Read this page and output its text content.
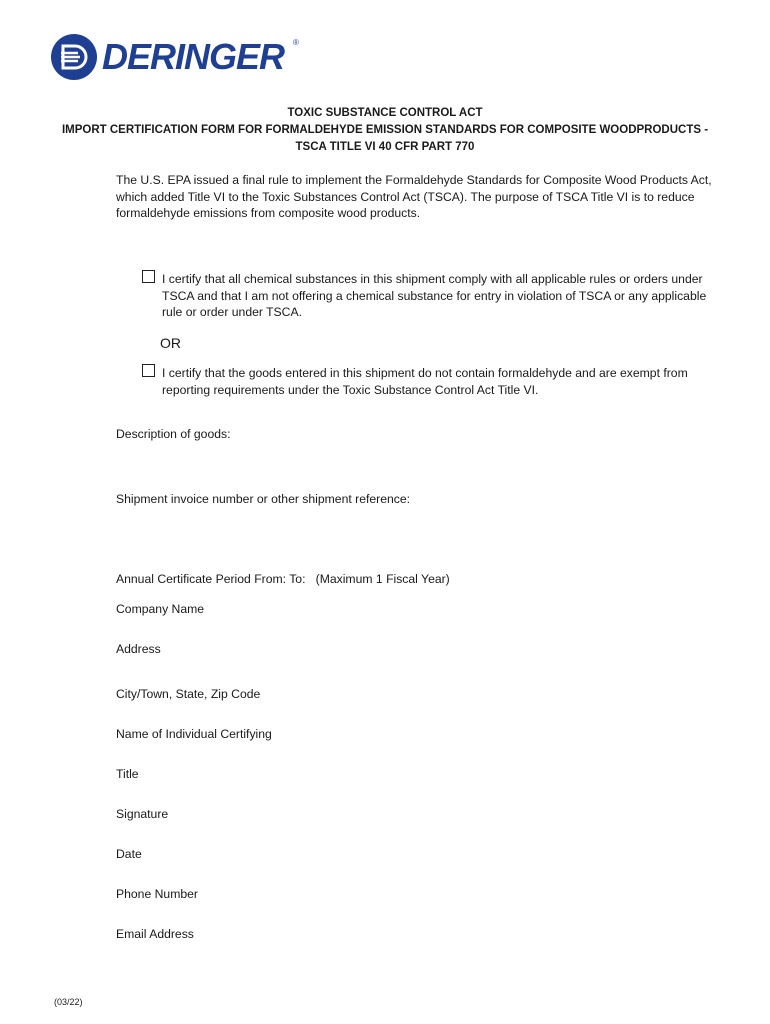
DERINGER ®
TOXIC SUBSTANCE CONTROL ACT
IMPORT CERTIFICATION FORM FOR FORMALDEHYDE EMISSION STANDARDS FOR COMPOSITE WOODPRODUCTS -
TSCA TITLE VI 40 CFR PART 770
The U.S. EPA issued a final rule to implement the Formaldehyde Standards for Composite Wood Products Act, which added Title VI to the Toxic Substances Control Act (TSCA). The purpose of TSCA Title VI is to reduce formaldehyde emissions from composite wood products.
I certify that all chemical substances in this shipment comply with all applicable rules or orders under TSCA and that I am not offering a chemical substance for entry in violation of TSCA or any applicable rule or order under TSCA.
OR
I certify that the goods entered in this shipment do not contain formaldehyde and are exempt from reporting requirements under the Toxic Substance Control Act Title VI.
Description of goods:
Shipment invoice number or other shipment reference:
Annual Certificate Period From: To: (Maximum 1 Fiscal Year)
Company Name
Address
City/Town, State, Zip Code
Name of Individual Certifying
Title
Signature
Date
Phone Number
Email Address
(03/22)
